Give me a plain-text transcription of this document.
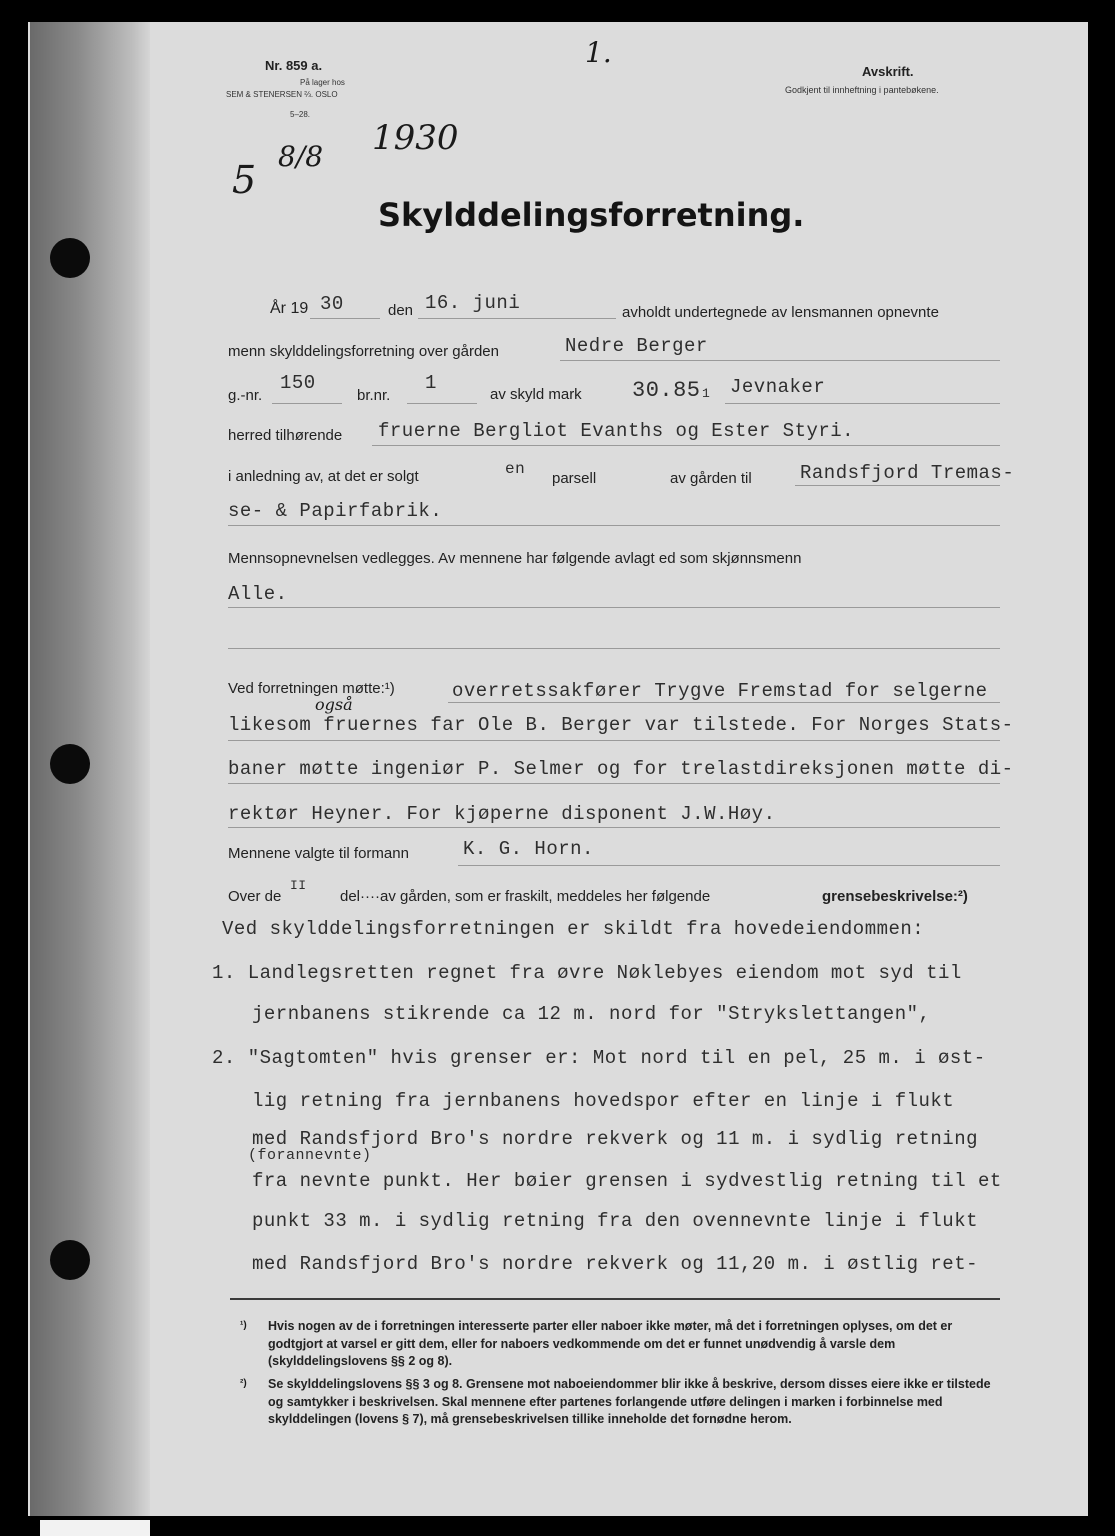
Nr. 859 a.
På lager hos
SEM & STENERSEN ⅔. OSLO
5–28.
1.
Avskrift.
Godkjent til innheftning i pantebøkene.
5
8/8 1930
Skylddelingsforretning.
År 19 30	den 16. juni	avholdt undertegnede av lensmannen opnevnte
menn skylddelingsforretning over gården	Nedre Berger
g.-nr.
150
br.nr.
1
av skyld mark 30.85 1 Jevnaker
herred tilhørende fruerne Bergliot Evanths og Ester Styri.
i anledning av, at det er solgt	en
parsell	av gården til	Randsfjord Tremas-
se- & Papirfabrik.
Mennsopnevnelsen vedlegges. Av mennene har følgende avlagt ed som skjønnsmenn
Alle.
Ved forretningen møtte:¹)	overretssakfører Trygve Fremstad for selgerne
også
likesom fruernes far Ole B. Berger var tilstede. For Norges Stats-
baner møtte ingeniør P. Selmer og for trelastdireksjonen møtte di-
rektør Heyner. For kjøperne disponent J.W.Høy.
Mennene valgte til formann	K. G. Horn.
Over de
II
del····av gården, som er fraskilt, meddeles her følgende	grensebeskrivelse:²)
Ved skylddelingsforretningen er skildt fra hovedeiendommen:
1. Landlegsretten regnet fra øvre Nøklebyes eiendom mot syd til
jernbanens stikrende ca 12 m. nord for "Strykslettangen",
2. "Sagtomten" hvis grenser er: Mot nord til en pel, 25 m. i øst-
lig retning fra jernbanens hovedspor efter en linje i flukt
med Randsfjord Bro's nordre rekverk og 11 m. i sydlig retning
(forannevnte)
fra nevnte punkt. Her bøier grensen i sydvestlig retning til et
punkt 33 m. i sydlig retning fra den ovennevnte linje i flukt
med Randsfjord Bro's nordre rekverk og 11,20 m. i østlig ret-
¹) Hvis nogen av de i forretningen interesserte parter eller naboer ikke møter, må det i forretningen oplyses, om det er godtgjort at varsel er gitt dem, eller for naboers vedkommende om det er funnet unødvendig å varsle dem (skylddelingslovens §§ 2 og 8).
²) Se skylddelingslovens §§ 3 og 8. Grensene mot naboeiendommer blir ikke å beskrive, dersom disses eiere ikke er tilstede og samtykker i beskrivelsen. Skal mennene efter partenes forlangende utføre delingen i marken i forbinnelse med skylddelingen (lovens § 7), må grensebeskrivelsen tillike inneholde det fornødne herom.
